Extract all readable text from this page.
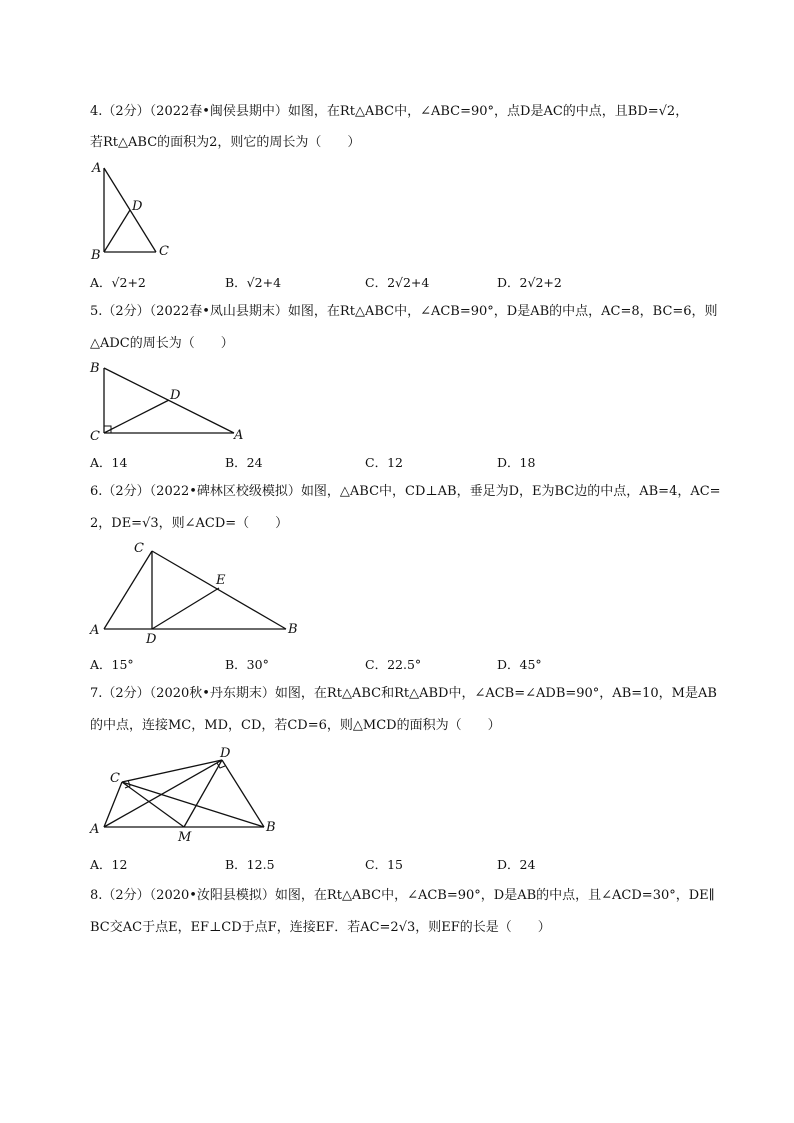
4.（2分）（2022春•闽侯县期中）如图，在Rt△ABC中，∠ABC=90°，点D是AC的中点，且BD=√2，
若Rt△ABC的面积为2，则它的周长为（　　）
A
B	C
D
A．√2+2	B．√2+4	C．2√2+4	D．2√2+2
5.（2分）（2022春•凤山县期末）如图，在Rt△ABC中，∠ACB=90°，D是AB的中点，AC=8，BC=6，则
△ADC的周长为（　　）
B
C	A
D
A．14	B．24	C．12	D．18
6.（2分）（2022•碑林区校级模拟）如图，△ABC中，CD⊥AB，垂足为D，E为BC边的中点，AB=4，AC=
2，DE=√3，则∠ACD=（　　）
C
E
A
D
B
A．15°	B．30°	C．22.5°	D．45°
7.（2分）（2020秋•丹东期末）如图，在Rt△ABC和Rt△ABD中，∠ACB=∠ADB=90°，AB=10，M是AB
的中点，连接MC，MD，CD，若CD=6，则△MCD的面积为（　　）
D
C
A
M
B
A．12	B．12.5	C．15	D．24
8.（2分）（2020•汝阳县模拟）如图，在Rt△ABC中，∠ACB=90°，D是AB的中点，且∠ACD=30°，DE∥
BC交AC于点E，EF⊥CD于点F，连接EF．若AC=2√3，则EF的长是（　　）
